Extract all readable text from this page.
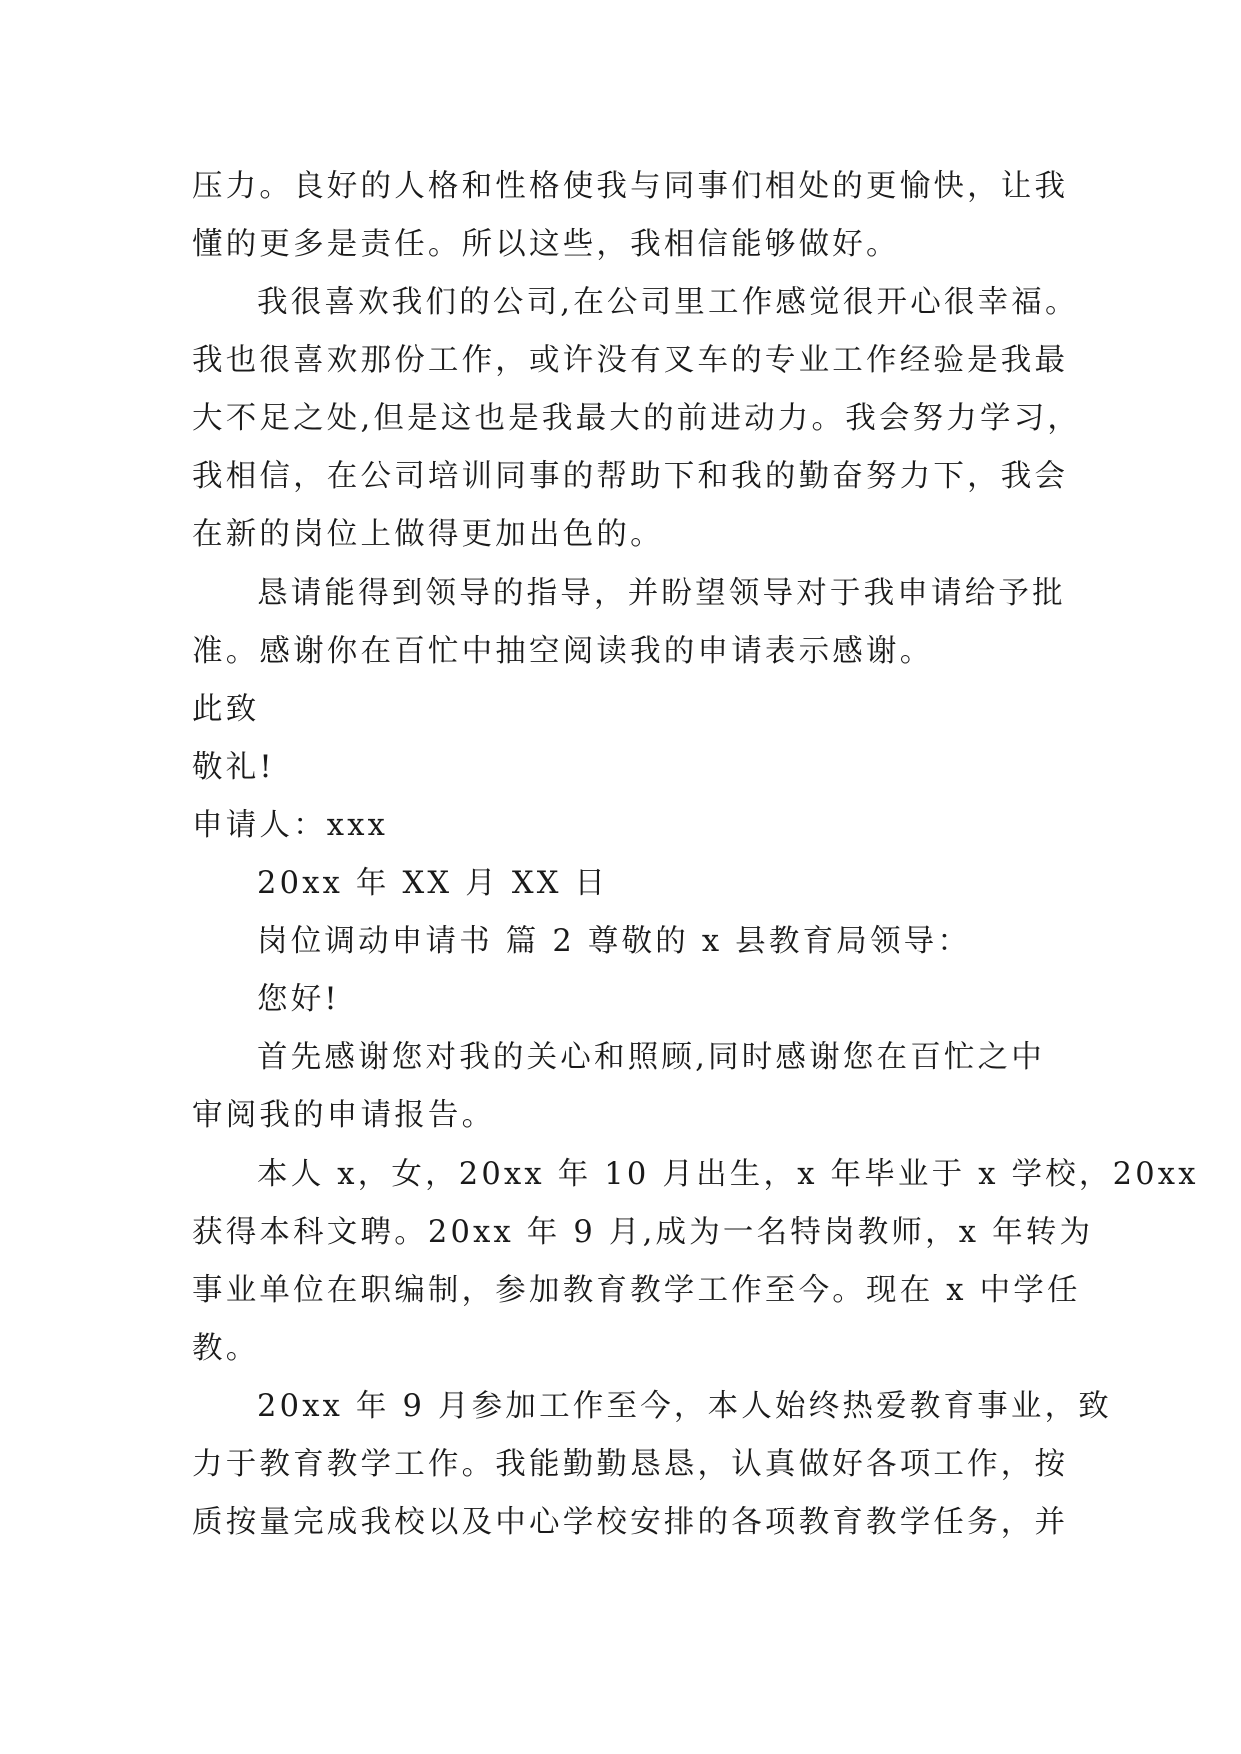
压力。良好的人格和性格使我与同事们相处的更愉快，让我
懂的更多是责任。所以这些，我相信能够做好。
我很喜欢我们的公司,在公司里工作感觉很开心很幸福。
我也很喜欢那份工作，或许没有叉车的专业工作经验是我最
大不足之处,但是这也是我最大的前进动力。我会努力学习，
我相信，在公司培训同事的帮助下和我的勤奋努力下，我会
在新的岗位上做得更加出色的。
恳请能得到领导的指导，并盼望领导对于我申请给予批
准。感谢你在百忙中抽空阅读我的申请表示感谢。
此致
敬礼!
申请人：xxx
20xx 年 XX 月 XX 日
岗位调动申请书 篇 2 尊敬的 x 县教育局领导：
您好!
首先感谢您对我的关心和照顾,同时感谢您在百忙之中
审阅我的申请报告。
本人 x，女，20xx 年 10 月出生，x 年毕业于 x 学校，20xx
获得本科文聘。20xx 年 9 月,成为一名特岗教师，x 年转为
事业单位在职编制，参加教育教学工作至今。现在 x 中学任
教。
20xx 年 9 月参加工作至今，本人始终热爱教育事业，致
力于教育教学工作。我能勤勤恳恳，认真做好各项工作，按
质按量完成我校以及中心学校安排的各项教育教学任务，并
